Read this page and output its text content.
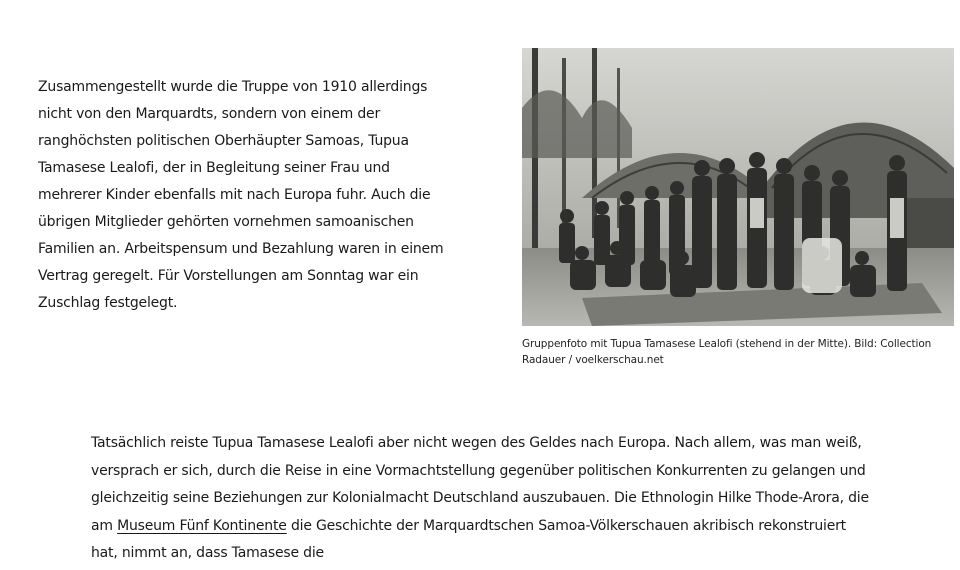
Zusammengestellt wurde die Truppe von 1910 allerdings nicht von den Marquardts, sondern von einem der ranghöchsten politischen Oberhäupter Samoas, Tupua Tamasese Lealofi, der in Begleitung seiner Frau und mehrerer Kinder ebenfalls mit nach Europa fuhr. Auch die übrigen Mitglieder gehörten vornehmen samoanischen Familien an. Arbeitspensum und Bezahlung waren in einem Vertrag geregelt. Für Vorstellungen am Sonntag war ein Zuschlag festgelegt.

Gruppenfoto mit Tupua Tamasese Lealofi (stehend in der Mitte). Bild: Collection Radauer / voelkerschau.net

Tatsächlich reiste Tupua Tamasese Lealofi aber nicht wegen des Geldes nach Europa. Nach allem, was man weiß, versprach er sich, durch die Reise in eine Vormachtstellung gegenüber politischen Konkurrenten zu gelangen und gleichzeitig seine Beziehungen zur Kolonialmacht Deutschland auszubauen. Die Ethnologin Hilke Thode-Arora, die am Museum Fünf Kontinente die Geschichte der Marquardtschen Samoa-Völkerschauen akribisch rekonstruiert hat, nimmt an, dass Tamasese die
